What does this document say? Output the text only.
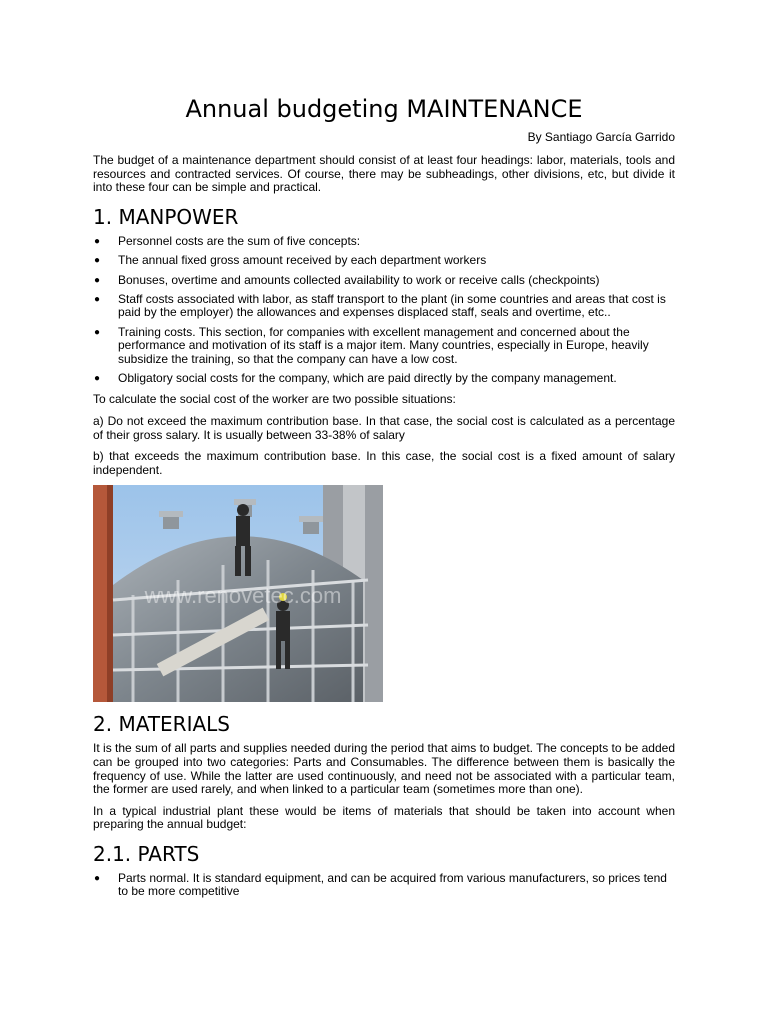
Annual budgeting MAINTENANCE
By Santiago García Garrido

The budget of a maintenance department should consist of at least four headings: labor, materials, tools and resources and contracted services. Of course, there may be subheadings, other divisions, etc, but divide it into these four can be simple and practical.

1. MANPOWER
● Personnel costs are the sum of five concepts:
● The annual fixed gross amount received by each department workers
● Bonuses, overtime and amounts collected availability to work or receive calls (checkpoints)
● Staff costs associated with labor, as staff transport to the plant (in some countries and areas that cost is paid by the employer) the allowances and expenses displaced staff, seals and overtime, etc..
● Training costs. This section, for companies with excellent management and concerned about the performance and motivation of its staff is a major item. Many countries, especially in Europe, heavily subsidize the training, so that the company can have a low cost.
● Obligatory social costs for the company, which are paid directly by the company management.

To calculate the social cost of the worker are two possible situations:

a) Do not exceed the maximum contribution base. In that case, the social cost is calculated as a percentage of their gross salary. It is usually between 33-38% of salary

b) that exceeds the maximum contribution base. In this case, the social cost is a fixed amount of salary independent.

www.renovetec.com
2. MATERIALS

It is the sum of all parts and supplies needed during the period that aims to budget. The concepts to be added can be grouped into two categories: Parts and Consumables. The difference between them is basically the frequency of use. While the latter are used continuously, and need not be associated with a particular team, the former are used rarely, and when linked to a particular team (sometimes more than one).

In a typical industrial plant these would be items of materials that should be taken into account when preparing the annual budget:

2.1. PARTS
● Parts normal. It is standard equipment, and can be acquired from various manufacturers, so prices tend to be more competitive
